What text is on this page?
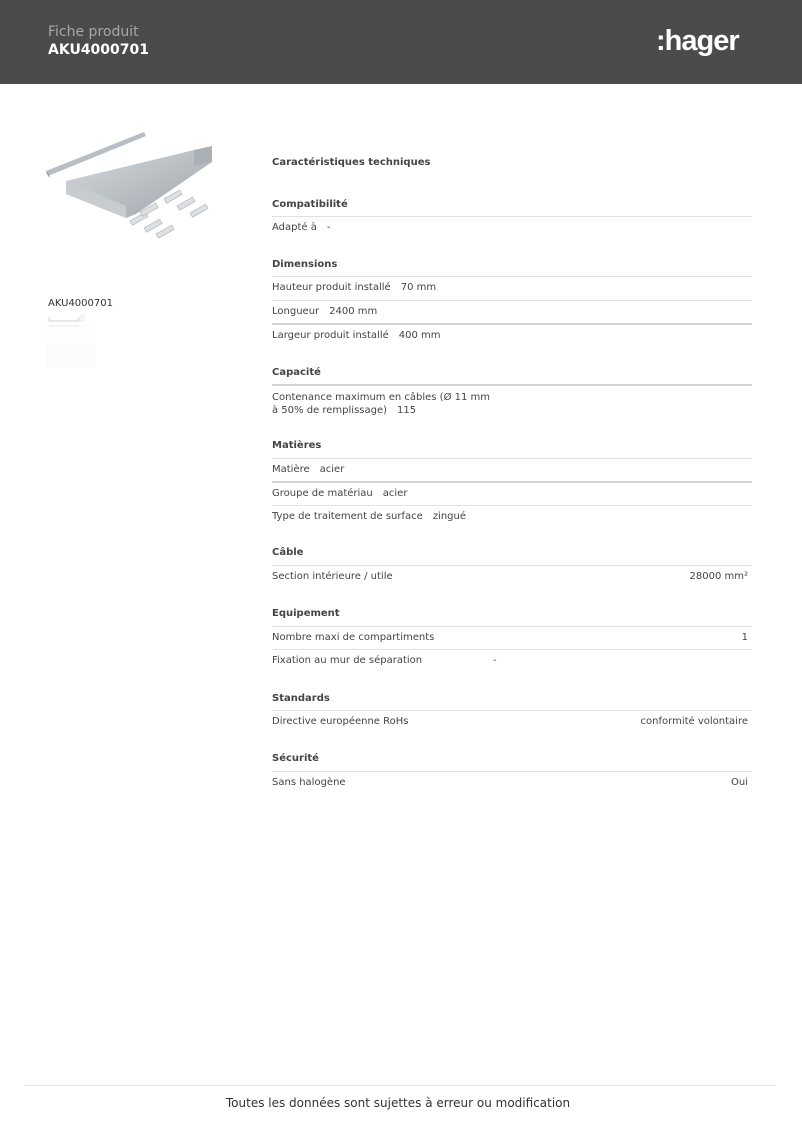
Fiche produit
AKU4000701	:hager
AKU4000701
Caractéristiques techniques
Compatibilité
Adapté à -
Dimensions
Hauteur produit installé 70 mm
Longueur 2400 mm
Largeur produit installé 400 mm
Capacité
Contenance maximum en câbles (Ø 11 mm
à 50% de remplissage) 115
Matières
Matière acier
Groupe de matériau acier
Type de traitement de surface zingué
Câble
Section intérieure / utile	28000 mm²
Equipement
Nombre maxi de compartiments	1
Fixation au mur de séparation	-
Standards
Directive européenne RoHs	conformité volontaire
Sécurité
Sans halogène	Oui
Toutes les données sont sujettes à erreur ou modification
